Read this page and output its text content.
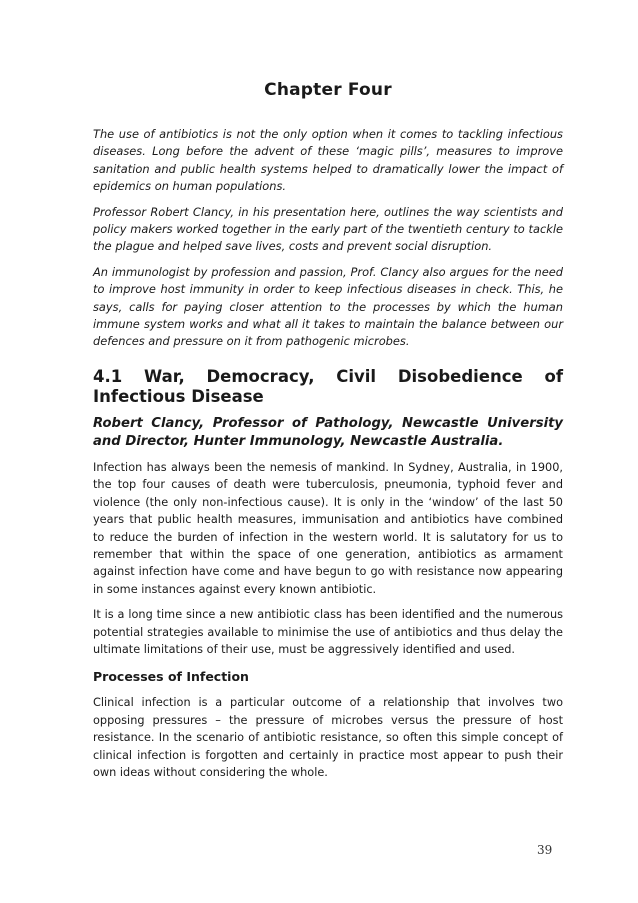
Chapter Four

The use of antibiotics is not the only option when it comes to tackling infectious diseases. Long before the advent of these ‘magic pills’, measures to improve sanitation and public health systems helped to dramatically lower the impact of epidemics on human populations.

Professor Robert Clancy, in his presentation here, outlines the way scientists and policy makers worked together in the early part of the twentieth century to tackle the plague and helped save lives, costs and prevent social disruption.

An immunologist by profession and passion, Prof. Clancy also argues for the need to improve host immunity in order to keep infectious diseases in check. This, he says, calls for paying closer attention to the processes by which the human immune system works and what all it takes to maintain the balance between our defences and pressure on it from pathogenic microbes.

4.1 War, Democracy, Civil Disobedience of Infectious Disease
Robert Clancy, Professor of Pathology, Newcastle University and Director, Hunter Immunology, Newcastle Australia.

Infection has always been the nemesis of mankind. In Sydney, Australia, in 1900, the top four causes of death were tuberculosis, pneumonia, typhoid fever and violence (the only non-infectious cause). It is only in the ‘window’ of the last 50 years that public health measures, immunisation and antibiotics have combined to reduce the burden of infection in the western world. It is salutatory for us to remember that within the space of one generation, antibiotics as armament against infection have come and have begun to go with resistance now appearing in some instances against every known antibiotic.

It is a long time since a new antibiotic class has been identified and the numerous potential strategies available to minimise the use of antibiotics and thus delay the ultimate limitations of their use, must be aggressively identified and used.

Processes of Infection

Clinical infection is a particular outcome of a relationship that involves two opposing pressures – the pressure of microbes versus the pressure of host resistance. In the scenario of antibiotic resistance, so often this simple concept of clinical infection is forgotten and certainly in practice most appear to push their own ideas without considering the whole.

39
